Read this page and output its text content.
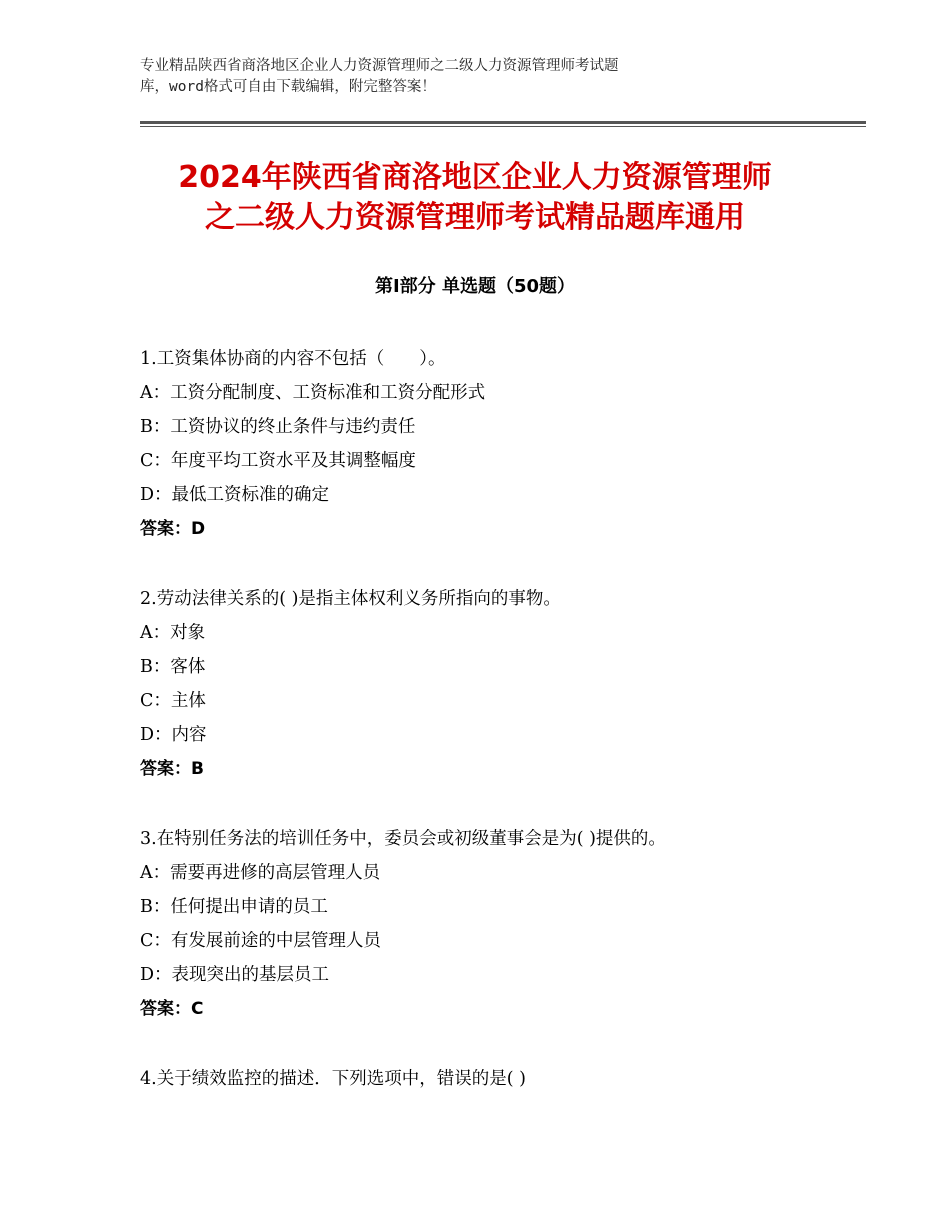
专业精品陕西省商洛地区企业人力资源管理师之二级人力资源管理师考试题
库，word格式可自由下载编辑，附完整答案！
2024年陕西省商洛地区企业人力资源管理师
之二级人力资源管理师考试精品题库通用
第Ⅰ部分 单选题（50题）
1.工资集体协商的内容不包括（　　）。
A：工资分配制度、工资标准和工资分配形式
B：工资协议的终止条件与违约责任
C：年度平均工资水平及其调整幅度
D：最低工资标准的确定
答案：D
2.劳动法律关系的( )是指主体权利义务所指向的事物。
A：对象
B：客体
C：主体
D：内容
答案：B
3.在特别任务法的培训任务中，委员会或初级董事会是为( )提供的。
A：需要再进修的高层管理人员
B：任何提出申请的员工
C：有发展前途的中层管理人员
D：表现突出的基层员工
答案：C
4.关于绩效监控的描述．下列选项中，错误的是( )
